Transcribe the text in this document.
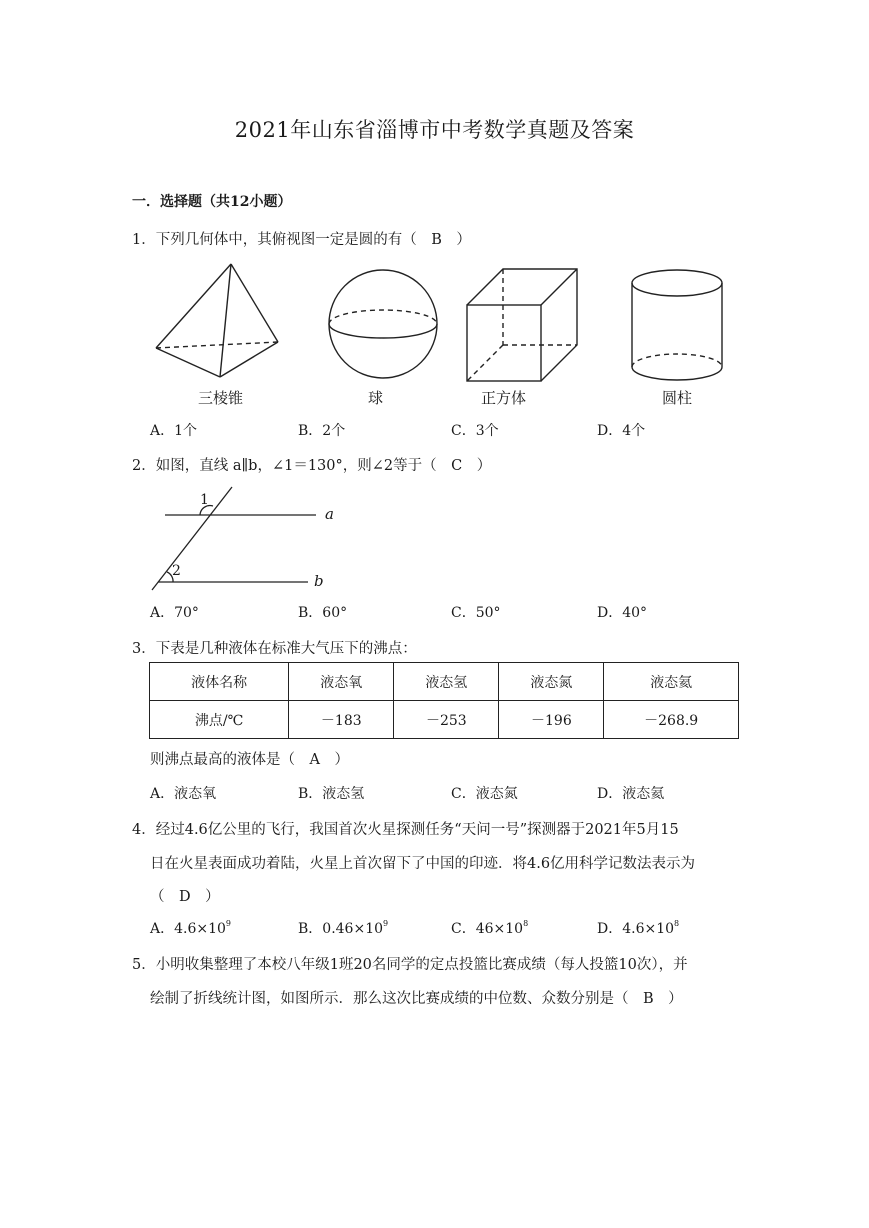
2021年山东省淄博市中考数学真题及答案
一．选择题（共12小题）
1．下列几何体中，其俯视图一定是圆的有（　B　）
三棱锥	球	正方体	圆柱
A．1个	B．2个	C．3个	D．4个
2．如图，直线 a∥b，∠1＝130°，则∠2等于（　C　）
1
2
a
b
A．70°	B．60°	C．50°	D．40°
3．下表是几种液体在标准大气压下的沸点：
液体名称	液态氧	液态氢	液态氮	液态氦
沸点/℃	－183	－253	－196	－268.9
则沸点最高的液体是（　A　）
A．液态氧	B．液态氢	C．液态氮	D．液态氦
4．经过4.6亿公里的飞行，我国首次火星探测任务“天问一号”探测器于2021年5月15
日在火星表面成功着陆，火星上首次留下了中国的印迹．将4.6亿用科学记数法表示为
（　D　）
A．$4.6\times 10^9$	B．$0.46\times 10^9$	C．$46\times 10^8$	D．$4.6\times 10^8$
5．小明收集整理了本校八年级1班20名同学的定点投篮比赛成绩（每人投篮10次），并
绘制了折线统计图，如图所示．那么这次比赛成绩的中位数、众数分别是（　B　）
